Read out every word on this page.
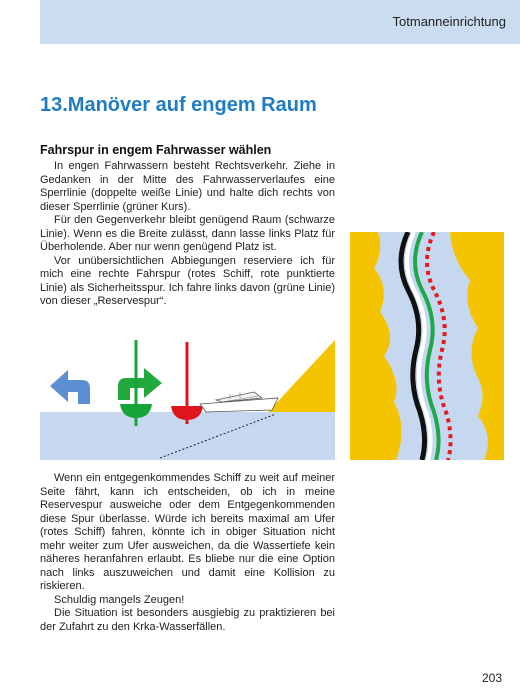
Totmanneinrichtung
13.Manöver auf engem Raum
Fahrspur in engem Fahrwasser wählen

In engen Fahrwassern besteht Rechtsverkehr. Ziehe in Gedanken in der Mitte des Fahrwasserverlaufes eine Sperrlinie (doppelte weiße Linie) und halte dich rechts von dieser Sperrlinie (grüner Kurs).

Für den Gegenverkehr bleibt genügend Raum (schwarze Linie). Wenn es die Breite zulässt, dann lasse links Platz für Überholende. Aber nur wenn genügend Platz ist.

Vor unübersichtlichen Abbiegungen reserviere ich für mich eine rechte Fahrspur (rotes Schiff, rote punktierte Linie) als Sicherheitsspur. Ich fahre links davon (grüne Linie) von dieser „Reservespur“.

Wenn ein entgegenkommendes Schiff zu weit auf meiner Seite fährt, kann ich entscheiden, ob ich in meine Reservespur ausweiche oder dem Entgegenkommenden diese Spur überlasse. Würde ich bereits maximal am Ufer (rotes Schiff) fahren, könnte ich in obiger Situation nicht mehr weiter zum Ufer ausweichen, da die Wassertiefe kein näheres heranfahren erlaubt. Es bliebe nur die eine Option nach links auszuweichen und damit eine Kollision zu riskieren.

Schuldig mangels Zeugen!

Die Situation ist besonders ausgiebig zu praktizieren bei der Zufahrt zu den Krka-Wasserfällen.

203
